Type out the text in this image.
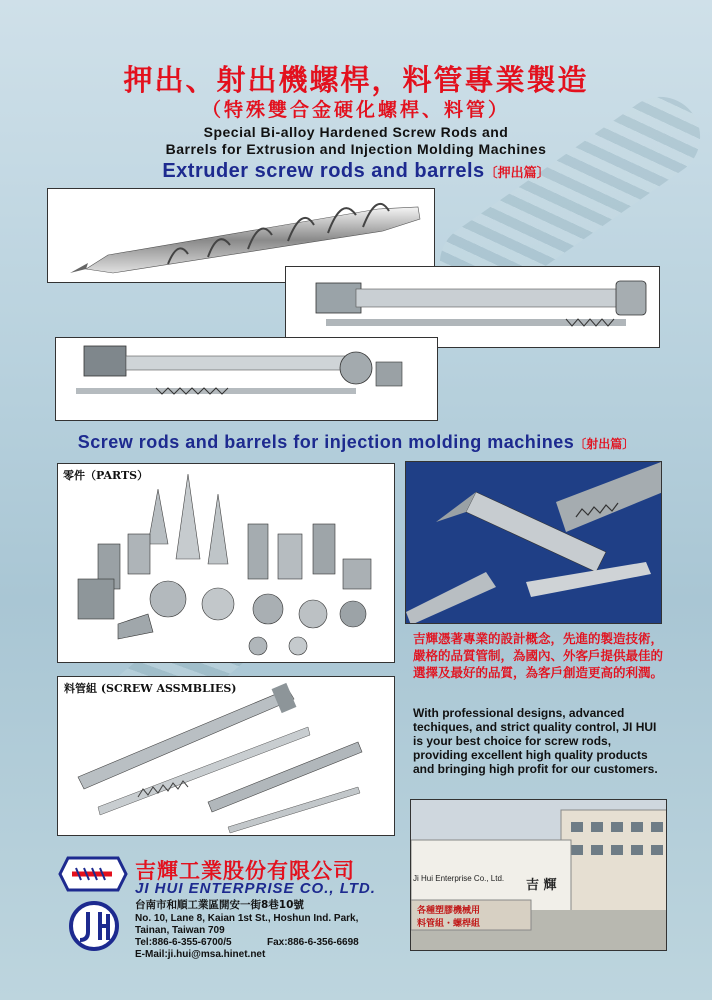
押出、射出機螺桿，料管專業製造
（特殊雙合金硬化螺桿、料管）
Special Bi-alloy Hardened Screw Rods and
Barrels for Extrusion and Injection Molding Machines
Extruder screw rods and barrels〔押出篇〕
Screw rods and barrels for injection molding machines〔射出篇〕
零件（PARTS）
料管組 (SCREW ASSMBLIES)
吉輝憑著專業的設計概念，先進的製造技術，嚴格的品質管制，為國內、外客戶提供最佳的選擇及最好的品質，為客戶創造更高的利潤。
With professional designs, advanced techiques, and strict quality control, JI HUI is your best choice for screw rods, providing excellent high quality products and bringing high profit for our customers.
Ji Hui Enterprise Co., Ltd. 吉 輝
各種塑膠機械用
料管組・螺桿組
吉輝工業股份有限公司
JI HUI ENTERPRISE CO., LTD.
台南市和順工業區開安一街8巷10號
No. 10, Lane 8, Kaian 1st St., Hoshun Ind. Park,
Tainan, Taiwan 709
Tel:886-6-355-6700/5	Fax:886-6-356-6698
E-Mail:ji.hui@msa.hinet.net
